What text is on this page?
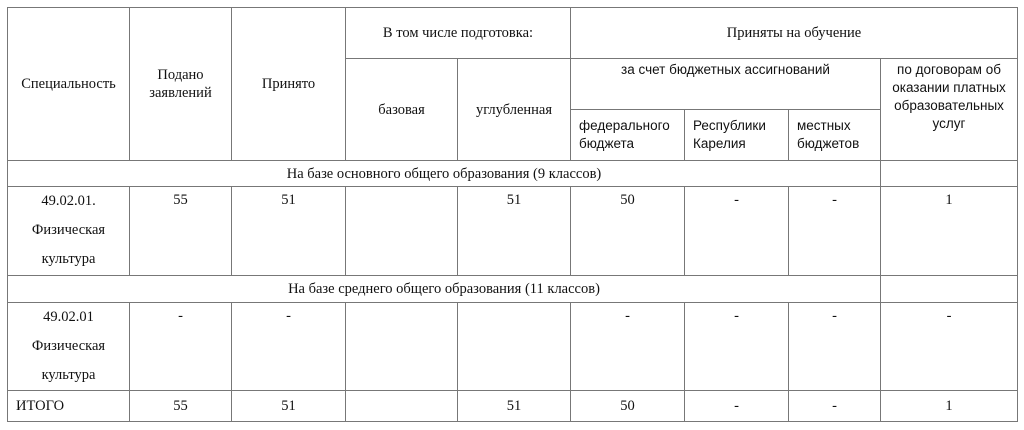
Специальность	Подано заявлений	Принято	В том числе подготовка:		Приняты на обучение			
			базовая	углубленная	за счет бюджетных ассигнований			по договорам об оказании платных образовательных услуг
					федерального бюджета	Республики Карелия	местных бюджетов	
На базе основного общего образования (9 классов)								

49.02.01.
Физическая
культура	55	51		51	50	-	-	1
На базе среднего общего образования (11 классов)								

49.02.01
Физическая
культура	-	-			-	-	-	-
ИТОГО	55	51		51	50	-	-	1
